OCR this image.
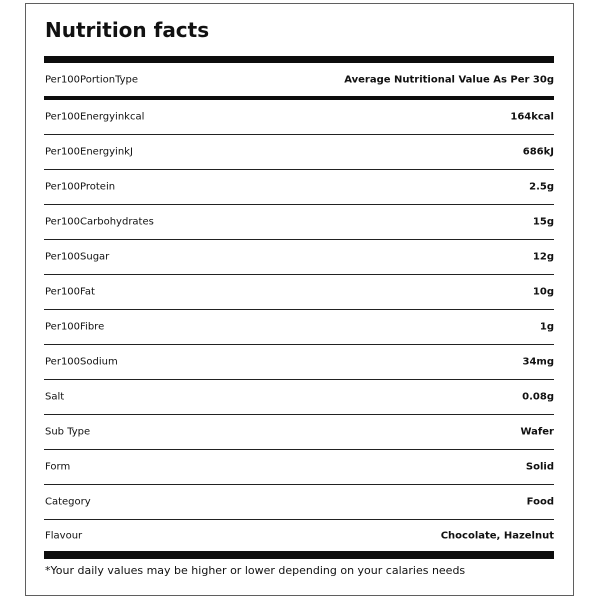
Nutrition facts
Per100PortionType	Average Nutritional Value As Per 30g
Per100Energyinkcal	164kcal
Per100EnergyinkJ	686kJ
Per100Protein	2.5g
Per100Carbohydrates	15g
Per100Sugar	12g
Per100Fat	10g
Per100Fibre	1g
Per100Sodium	34mg
Salt	0.08g
Sub Type	Wafer
Form	Solid
Category	Food
Flavour	Chocolate, Hazelnut
*Your daily values may be higher or lower depending on your calaries needs
